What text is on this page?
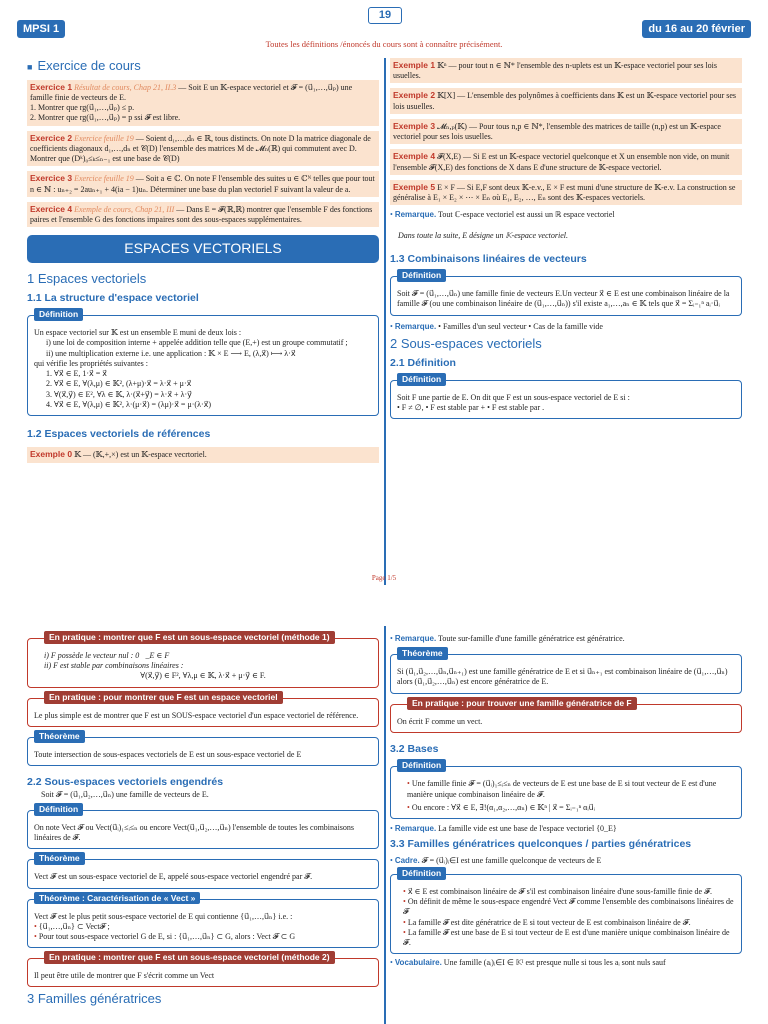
MPSI 1
19
du 16 au 20 février
Toutes les définitions /énoncés du cours sont à connaître précisément.
■  Exercice de cours
Exercice 1 Résultat de cours, Chap 21, II.3 — Soit E un 𝕂-espace vectoriel et 𝓕 = (u⃗₁,…,u⃗ₚ) une famille finie de vecteurs de E.
1. Montrer que rg(u⃗₁,…,u⃗ₚ) ≤ p.
2. Montrer que rg(u⃗₁,…,u⃗ₚ) = p ssi 𝓕 est libre.
Exercice 2 Exercice feuille 19 — Soient d₁,…,dₙ ∈ ℝ, tous distincts. On note D la matrice diagonale de coefficients diagonaux d₁,…,dₙ et 𝒞(D) l'ensemble des matrices M de 𝓜ₙ(ℝ) qui commutent avec D. Montrer que (Dᵏ)₀≤ₖ≤ₙ₋₁ est une base de 𝒞(D)
Exercice 3 Exercice feuille 19 — Soit a ∈ ℂ. On note F l'ensemble des suites u ∈ ℂᴺ telles que pour tout n ∈ ℕ : uₙ₊₂ = 2auₙ₊₁ + 4(ia − 1)uₙ. Déterminer une base du plan vectoriel F suivant la valeur de a.
Exercice 4 Exemple de cours, Chap 21, III — Dans E = 𝓕(ℝ,ℝ) montrer que l'ensemble F des fonctions paires et l'ensemble G des fonctions impaires sont des sous-espaces supplémentaires.
ESPACES VECTORIELS
1 Espaces vectoriels
1.1 La structure d'espace vectoriel
Définition
Un espace vectoriel sur 𝕂 est un ensemble E muni de deux lois :
i) une loi de composition interne + appelée addition telle que (E,+) est un groupe commutatif ;
ii) une multiplication externe i.e. une application : 𝕂 × E ⟶ E, (λ,x⃗) ⟼ λ·x⃗
qui vérifie les propriétés suivantes :
1. ∀x⃗ ∈ E, 1·x⃗ = x⃗
2. ∀x⃗ ∈ E, ∀(λ,μ) ∈ 𝕂², (λ+μ)·x⃗ = λ·x⃗ + μ·x⃗
3. ∀(x⃗,y⃗) ∈ E², ∀λ ∈ 𝕂, λ·(x⃗+y⃗) = λ·x⃗ + λ·y⃗
4. ∀x⃗ ∈ E, ∀(λ,μ) ∈ 𝕂², λ·(μ·x⃗) = (λμ)·x⃗ = μ·(λ·x⃗)
1.2 Espaces vectoriels de références
Exemple 0 𝕂 — (𝕂,+,×) est un 𝕂-espace vecrtoriel.
Exemple 1 𝕂ⁿ — pour tout n ∈ ℕ* l'ensemble des n-uplets est un 𝕂-espace vectoriel pour ses lois usuelles.
Exemple 2 𝕂[X] — L'ensemble des polynômes à coefficients dans 𝕂 est un 𝕂-espace vectoriel pour ses lois usuelles.
Exemple 3 𝓜ₙ,ₚ(𝕂) — Pour tous n,p ∈ ℕ*, l'ensemble des matrices de taille (n,p) est un 𝕂-espace vectoriel pour ses lois usuelles.
Exemple 4 𝓕(X,E) — Si E est un 𝕂-espace vectoriel quelconque et X un ensemble non vide, on munit l'ensemble 𝓕(X,E) des fonctions de X dans E d'une structure de 𝕂-espace vectoriel.
Exemple 5 E × F — Si E,F sont deux 𝕂-e.v., E × F est muni d'une structure de 𝕂-e.v. La construction se généralise à E₁ × E₂ × ⋯ × Eₙ où E₁, E₂, …, Eₙ sont des 𝕂-espaces vectoriels.
• Remarque. Tout ℂ-espace vectoriel est aussi un ℝ espace vectoriel
Dans toute la suite, E désigne un 𝕂-espace vectoriel.
1.3 Combinaisons linéaires de vecteurs
Définition
Soit 𝓕 = (u⃗₁,…,u⃗ₙ) une famille finie de vecteurs E.Un vecteur x⃗ ∈ E est une combinaison linéaire de la famille 𝓕 (ou une combinaison linéaire de (u⃗₁,…,u⃗ₙ)) s'il existe a₁,…,aₙ ∈ 𝕂 tels que x⃗ = Σᵢ₌₁ⁿ aᵢ·u⃗ᵢ
• Remarque. • Familles d'un seul vecteur • Cas de la famille vide
2 Sous-espaces vectoriels
2.1 Définition
Définition
Soit F une partie de E. On dit que F est un sous-espace vectoriel de E si :
• F ≠ ∅, • F est stable par + • F est stable par .
Page 1/5
En pratique : montrer que F est un sous-espace vectoriel (méthode 1)
i) F possède le vecteur nul : 0⃗_E ∈ F
ii) F est stable par combinaisons linéaires :
∀(x⃗,y⃗) ∈ F², ∀λ,μ ∈ 𝕂, λ·x⃗ + μ·y⃗ ∈ F.
En pratique : pour montrer que F est un espace vectoriel
Le plus simple est de montrer que F est un SOUS-espace vectoriel d'un espace vectoriel de référence.
Théorème
Toute intersection de sous-espaces vectoriels de E est un sous-espace vectoriel de E
2.2 Sous-espaces vectoriels engendrés
Soit 𝓕 = (u⃗₁,u⃗₂,…,u⃗ₙ) une famille de vecteurs de E.
Définition
On note Vect 𝓕 ou Vect(u⃗ᵢ)₁≤ᵢ≤ₙ ou encore Vect(u⃗₁,u⃗₂,…,u⃗ₙ) l'ensemble de toutes les combinaisons linéaires de 𝓕.
Théorème
Vect 𝓕 est un sous-espace vectoriel de E, appelé sous-espace vectoriel engendré par 𝓕.
Théorème : Caractérisation de « Vect »
Vect 𝓕 est le plus petit sous-espace vectoriel de E qui contienne {u⃗₁,…,u⃗ₙ} i.e. :
• {u⃗₁,…,u⃗ₙ} ⊂ Vect𝓕 ;
• Pour tout sous-espace vectoriel G de E, si : {u⃗₁,…,u⃗ₙ} ⊂ G, alors : Vect 𝓕 ⊂ G
En pratique : montrer que F est un sous-espace vectoriel (méthode 2)
Il peut être utile de montrer que F s'écrit comme un Vect
3 Familles génératrices
• Remarque. Toute sur-famille d'une famille génératrice est génératrice.
Théorème
Si (u⃗₁,u⃗₂,…,u⃗ₙ,u⃗ₙ₊₁) est une famille génératrice de E et si u⃗ₙ₊₁ est combinaison linéaire de (u⃗₁,…,u⃗ₙ) alors (u⃗₁,u⃗₂,…,u⃗ₙ) est encore génératrice de E.
En pratique : pour trouver une famille génératrice de F
On écrit F comme un vect.
3.2 Bases
Définition
• Une famille finie 𝓕 = (u⃗ᵢ)₁≤ᵢ≤ₙ de vecteurs de E est une base de E si tout vecteur de E est d'une manière unique combinaison linéaire de 𝓕.
• Ou encore : ∀x⃗ ∈ E, ∃!(α₁,α₂,…,αₙ) ∈ 𝕂ⁿ | x⃗ = Σᵢ₌₁ⁿ αᵢu⃗ᵢ
• Remarque. La famille vide est une base de l'espace vectoriel {0_E}
3.3 Familles génératrices quelconques / parties génératrices
• Cadre. 𝓕 = (u⃗ᵢ)ᵢ∈I est une famille quelconque de vecteurs de E
Définition
• x⃗ ∈ E est combinaison linéaire de 𝓕 s'il est combinaison linéaire d'une sous-famille finie de 𝓕.
• On définit de même le sous-espace engendré Vect 𝓕 comme l'ensemble des combinaisons linéaires de 𝓕
• La famille 𝓕 est dite génératrice de E si tout vecteur de E est combinaison linéaire de 𝓕.
• La famille 𝓕 est une base de E si tout vecteur de E est d'une manière unique combinaison linéaire de 𝓕.
• Vocabulaire. Une famille (aᵢ)ᵢ∈I ∈ 𝕂ᴵ est presque nulle si tous les aᵢ sont nuls sauf
